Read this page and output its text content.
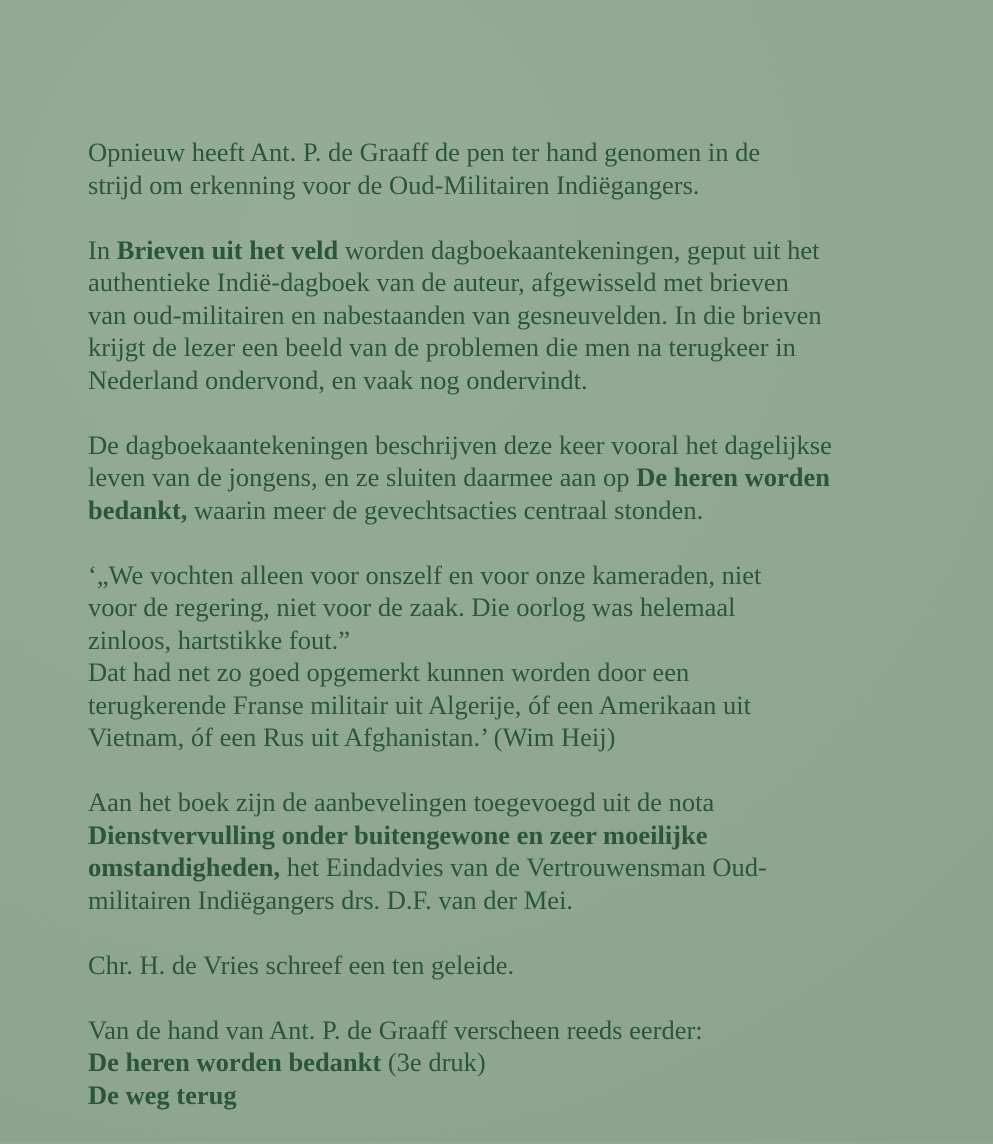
Opnieuw heeft Ant. P. de Graaff de pen ter hand genomen in de
strijd om erkenning voor de Oud-Militairen Indiëgangers.
In Brieven uit het veld worden dagboekaantekeningen, geput uit het
authentieke Indië-dagboek van de auteur, afgewisseld met brieven
van oud-militairen en nabestaanden van gesneuvelden. In die brieven
krijgt de lezer een beeld van de problemen die men na terugkeer in
Nederland ondervond, en vaak nog ondervindt.
De dagboekaantekeningen beschrijven deze keer vooral het dagelijkse
leven van de jongens, en ze sluiten daarmee aan op De heren worden
bedankt, waarin meer de gevechtsacties centraal stonden.
‘„We vochten alleen voor onszelf en voor onze kameraden, niet
voor de regering, niet voor de zaak. Die oorlog was helemaal
zinloos, hartstikke fout.”
Dat had net zo goed opgemerkt kunnen worden door een
terugkerende Franse militair uit Algerije, óf een Amerikaan uit
Vietnam, óf een Rus uit Afghanistan.’ (Wim Heij)
Aan het boek zijn de aanbevelingen toegevoegd uit de nota
Dienstvervulling onder buitengewone en zeer moeilijke
omstandigheden, het Eindadvies van de Vertrouwensman Oud-
militairen Indiëgangers drs. D.F. van der Mei.
Chr. H. de Vries schreef een ten geleide.
Van de hand van Ant. P. de Graaff verscheen reeds eerder:
De heren worden bedankt (3e druk)
De weg terug
